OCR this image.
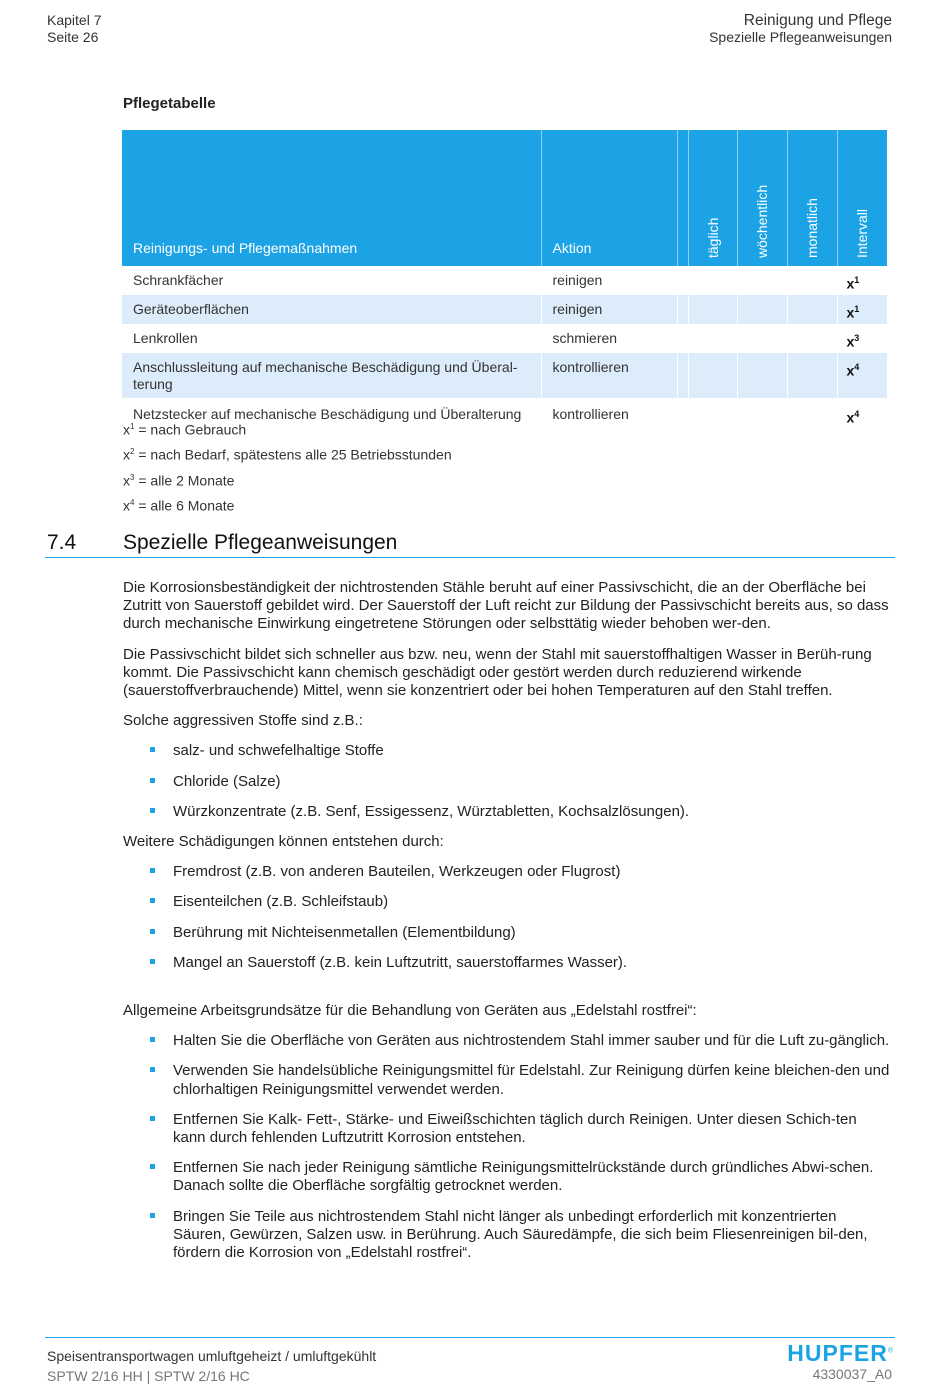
Kapitel 7
Seite 26
Reinigung und Pflege
Spezielle Pflegeanweisungen
Pflegetabelle
Reinigungs- und Pflegemaßnahmen	Aktion		täglich	wöchentlich	monatlich	Intervall

Schrankfächer	reinigen					$x^1$
Geräteoberflächen	reinigen					$x^1$
Lenkrollen	schmieren					$x^3$
Anschlussleitung auf mechanische Beschädigung und Überal-terung	kontrollieren					$x^4$
Netzstecker auf mechanische Beschädigung und Überalterung	kontrollieren					$x^4$
$x^1$ = nach Gebrauch
$x^2$ = nach Bedarf, spätestens alle 25 Betriebsstunden
$x^3$ = alle 2 Monate
$x^4$ = alle 6 Monate
7.4 Spezielle Pflegeanweisungen

Die Korrosionsbeständigkeit der nichtrostenden Stähle beruht auf einer Passivschicht, die an der Oberfläche bei Zutritt von Sauerstoff gebildet wird. Der Sauerstoff der Luft reicht zur Bildung der Passivschicht bereits aus, so dass durch mechanische Einwirkung eingetretene Störungen oder selbsttätig wieder behoben wer-den.

Die Passivschicht bildet sich schneller aus bzw. neu, wenn der Stahl mit sauerstoffhaltigen Wasser in Berüh-rung kommt. Die Passivschicht kann chemisch geschädigt oder gestört werden durch reduzierend wirkende (sauerstoffverbrauchende) Mittel, wenn sie konzentriert oder bei hohen Temperaturen auf den Stahl treffen.

Solche aggressiven Stoffe sind z.B.:

salz- und schwefelhaltige Stoffe
Chloride (Salze)
Würzkonzentrate (z.B. Senf, Essigessenz, Würztabletten, Kochsalzlösungen).

Weitere Schädigungen können entstehen durch:

Fremdrost (z.B. von anderen Bauteilen, Werkzeugen oder Flugrost)
Eisenteilchen (z.B. Schleifstaub)
Berührung mit Nichteisenmetallen (Elementbildung)
Mangel an Sauerstoff (z.B. kein Luftzutritt, sauerstoffarmes Wasser).

Allgemeine Arbeitsgrundsätze für die Behandlung von Geräten aus „Edelstahl rostfrei“:

Halten Sie die Oberfläche von Geräten aus nichtrostendem Stahl immer sauber und für die Luft zu-gänglich.
Verwenden Sie handelsübliche Reinigungsmittel für Edelstahl. Zur Reinigung dürfen keine bleichen-den und chlorhaltigen Reinigungsmittel verwendet werden.
Entfernen Sie Kalk- Fett-, Stärke- und Eiweißschichten täglich durch Reinigen. Unter diesen Schich-ten kann durch fehlenden Luftzutritt Korrosion entstehen.
Entfernen Sie nach jeder Reinigung sämtliche Reinigungsmittelrückstände durch gründliches Abwi-schen. Danach sollte die Oberfläche sorgfältig getrocknet werden.
Bringen Sie Teile aus nichtrostendem Stahl nicht länger als unbedingt erforderlich mit konzentrierten Säuren, Gewürzen, Salzen usw. in Berührung. Auch Säuredämpfe, die sich beim Fliesenreinigen bil-den, fördern die Korrosion von „Edelstahl rostfrei“.
Speisentransportwagen umluftgeheizt / umluftgekühlt
SPTW 2/16 HH | SPTW 2/16 HC
HUPFER®
4330037_A0
